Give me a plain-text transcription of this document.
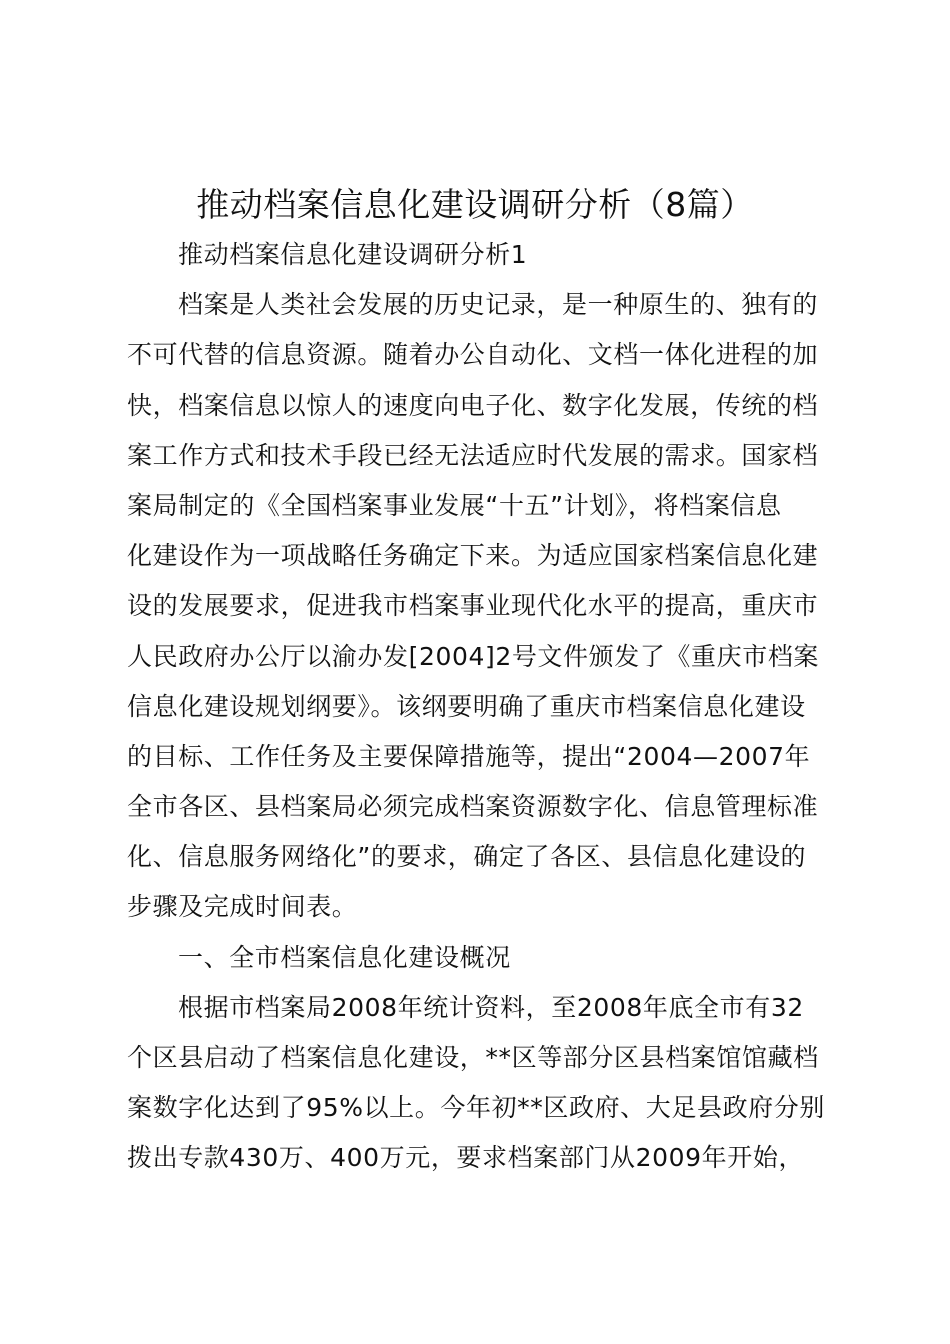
推动档案信息化建设调研分析（8篇）
推动档案信息化建设调研分析1
档案是人类社会发展的历史记录，是一种原生的、独有的
不可代替的信息资源。随着办公自动化、文档一体化进程的加
快，档案信息以惊人的速度向电子化、数字化发展，传统的档
案工作方式和技术手段已经无法适应时代发展的需求。国家档
案局制定的《全国档案事业发展“十五”计划》，将档案信息
化建设作为一项战略任务确定下来。为适应国家档案信息化建
设的发展要求，促进我市档案事业现代化水平的提高，重庆市
人民政府办公厅以渝办发[2004]2号文件颁发了《重庆市档案
信息化建设规划纲要》。该纲要明确了重庆市档案信息化建设
的目标、工作任务及主要保障措施等，提出“2004—2007年
全市各区、县档案局必须完成档案资源数字化、信息管理标准
化、信息服务网络化”的要求，确定了各区、县信息化建设的
步骤及完成时间表。
一、全市档案信息化建设概况
根据市档案局2008年统计资料，至2008年底全市有32
个区县启动了档案信息化建设，**区等部分区县档案馆馆藏档
案数字化达到了95%以上。今年初**区政府、大足县政府分别
拨出专款430万、400万元，要求档案部门从2009年开始，
